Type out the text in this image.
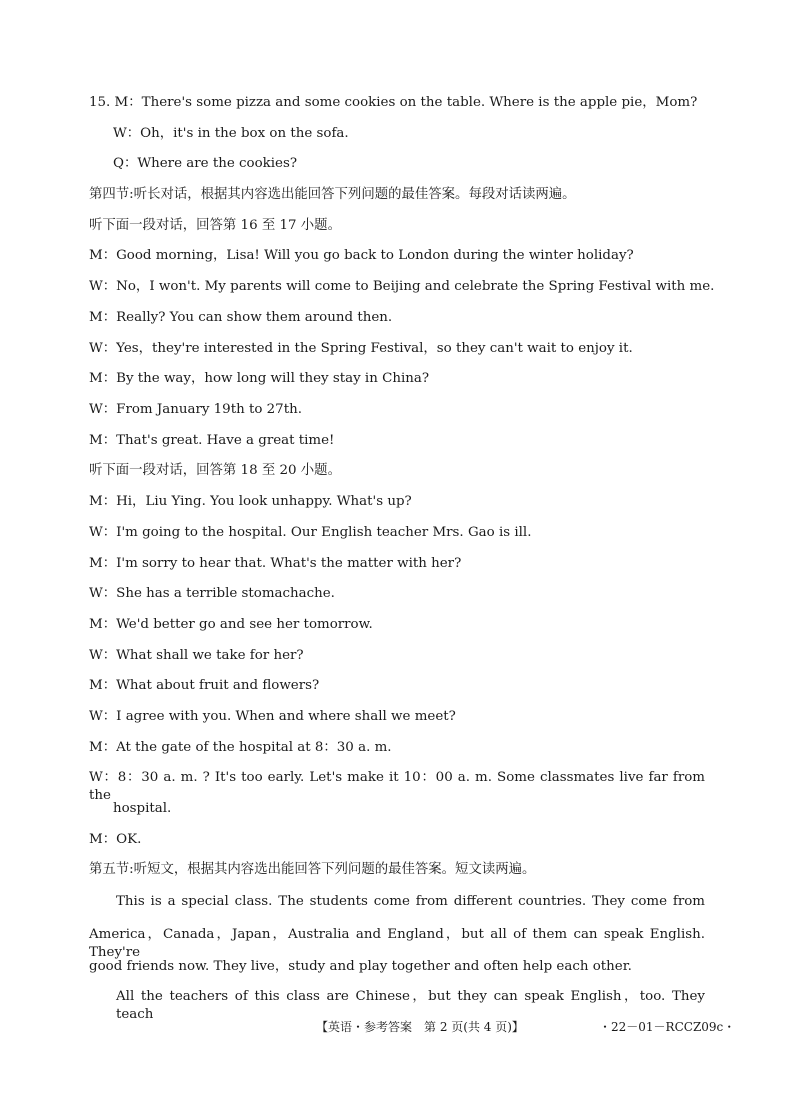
15. M：There's some pizza and some cookies on the table. Where is the apple pie，Mom?
W：Oh，it's in the box on the sofa.
Q：Where are the cookies?
第四节:听长对话，根据其内容选出能回答下列问题的最佳答案。每段对话读两遍。
听下面一段对话，回答第 16 至 17 小题。
M：Good morning，Lisa! Will you go back to London during the winter holiday?
W：No，I won't. My parents will come to Beijing and celebrate the Spring Festival with me.
M：Really? You can show them around then.
W：Yes，they're interested in the Spring Festival，so they can't wait to enjoy it.
M：By the way，how long will they stay in China?
W：From January 19th to 27th.
M：That's great. Have a great time!
听下面一段对话，回答第 18 至 20 小题。
M：Hi，Liu Ying. You look unhappy. What's up?
W：I'm going to the hospital. Our English teacher Mrs. Gao is ill.
M：I'm sorry to hear that. What's the matter with her?
W：She has a terrible stomachache.
M：We'd better go and see her tomorrow.
W：What shall we take for her?
M：What about fruit and flowers?
W：I agree with you. When and where shall we meet?
M：At the gate of the hospital at 8：30 a. m.
W：8：30 a. m. ? It's too early. Let's make it 10：00 a. m. Some classmates live far from the
hospital.
M：OK.
第五节:听短文，根据其内容选出能回答下列问题的最佳答案。短文读两遍。
This is a special class. The students come from different countries. They come from
America，Canada，Japan，Australia and England，but all of them can speak English. They're
good friends now. They live，study and play together and often help each other.
All the teachers of this class are Chinese，but they can speak English，too. They teach
【英语・参考答案　第 2 页(共 4 页)】	・22－01－RCCZ09c・
